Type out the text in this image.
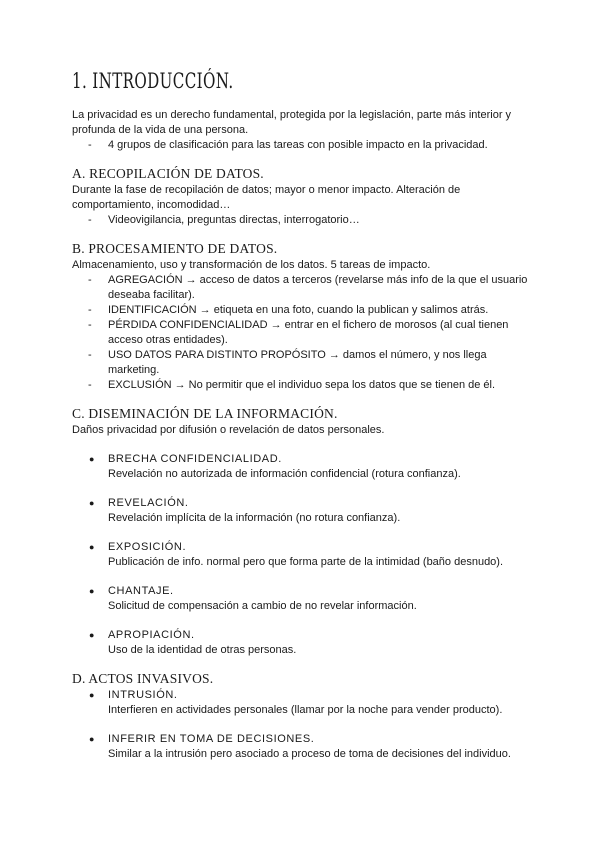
1. INTRODUCCIÓN.

La privacidad es un derecho fundamental, protegida por la legislación, parte más interior y profunda de la vida de una persona.

-	4 grupos de clasificación para las tareas con posible impacto en la privacidad.
A. RECOPILACIÓN DE DATOS.

Durante la fase de recopilación de datos; mayor o menor impacto. Alteración de comportamiento, incomodidad…

-	Videovigilancia, preguntas directas, interrogatorio…
B. PROCESAMIENTO DE DATOS.

Almacenamiento, uso y transformación de los datos. 5 tareas de impacto.

-	AGREGACIÓN → acceso de datos a terceros (revelarse más info de la que el usuario deseaba facilitar).
-	IDENTIFICACIÓN → etiqueta en una foto, cuando la publican y salimos atrás.
-	PÉRDIDA CONFIDENCIALIDAD → entrar en el fichero de morosos (al cual tienen acceso otras entidades).
-	USO DATOS PARA DISTINTO PROPÓSITO → damos el número, y nos llega marketing.
-	EXCLUSIÓN → No permitir que el individuo sepa los datos que se tienen de él.
C. DISEMINACIÓN DE LA INFORMACIÓN.

Daños privacidad por difusión o revelación de datos personales.

●	BRECHA CONFIDENCIALIDAD.
Revelación no autorizada de información confidencial (rotura confianza).
●	REVELACIÓN.
Revelación implícita de la información (no rotura confianza).
●	EXPOSICIÓN.
Publicación de info. normal pero que forma parte de la intimidad (baño desnudo).
●	CHANTAJE.
Solicitud de compensación a cambio de no revelar información.
●	APROPIACIÓN.
Uso de la identidad de otras personas.
D. ACTOS INVASIVOS.
●	INTRUSIÓN.
Interfieren en actividades personales (llamar por la noche para vender producto).
●	INFERIR EN TOMA DE DECISIONES.
Similar a la intrusión pero asociado a proceso de toma de decisiones del individuo.
